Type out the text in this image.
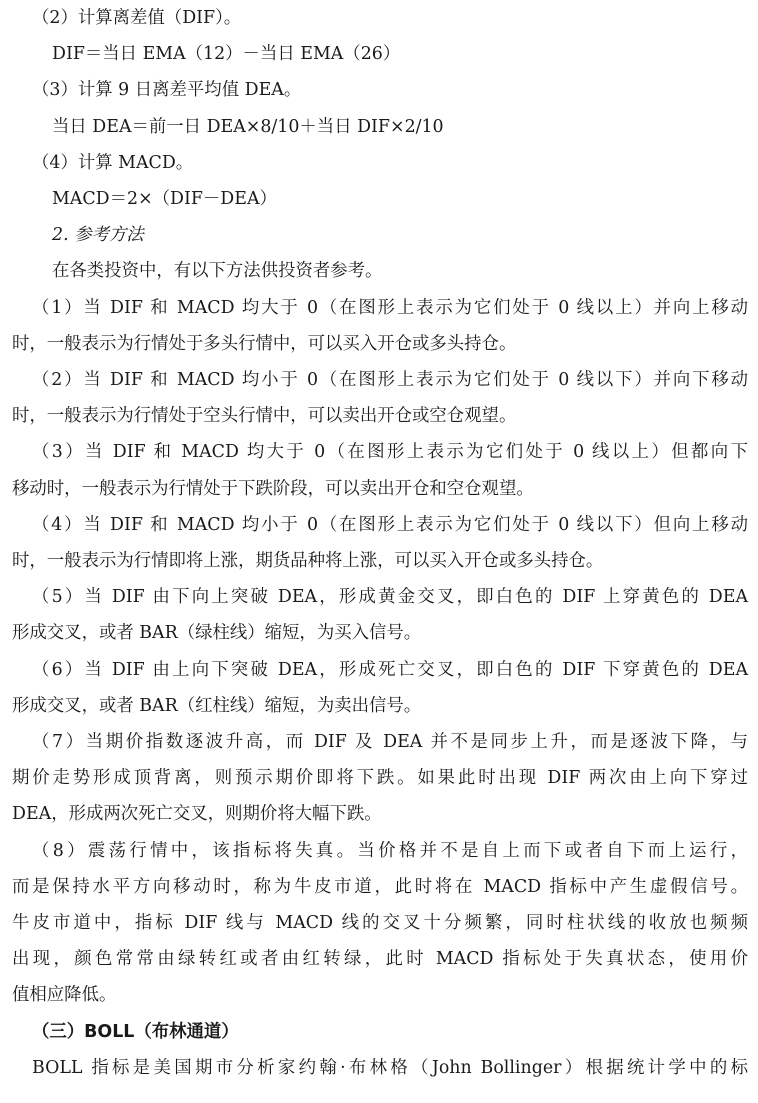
（2）计算离差值（DIF）。
DIF＝当日 EMA（12）－当日 EMA（26）
（3）计算 9 日离差平均值 DEA。
当日 DEA＝前一日 DEA×8/10＋当日 DIF×2/10
（4）计算 MACD。
MACD＝2×（DIF－DEA）
2. 参考方法
在各类投资中，有以下方法供投资者参考。
（1）当 DIF 和 MACD 均大于 0（在图形上表示为它们处于 0 线以上）并向上移动
时，一般表示为行情处于多头行情中，可以买入开仓或多头持仓。
（2）当 DIF 和 MACD 均小于 0（在图形上表示为它们处于 0 线以下）并向下移动
时，一般表示为行情处于空头行情中，可以卖出开仓或空仓观望。
（3）当 DIF 和 MACD 均大于 0（在图形上表示为它们处于 0 线以上）但都向下
移动时，一般表示为行情处于下跌阶段，可以卖出开仓和空仓观望。
（4）当 DIF 和 MACD 均小于 0（在图形上表示为它们处于 0 线以下）但向上移动
时，一般表示为行情即将上涨，期货品种将上涨，可以买入开仓或多头持仓。
（5）当 DIF 由下向上突破 DEA，形成黄金交叉，即白色的 DIF 上穿黄色的 DEA
形成交叉，或者 BAR（绿柱线）缩短，为买入信号。
（6）当 DIF 由上向下突破 DEA，形成死亡交叉，即白色的 DIF 下穿黄色的 DEA
形成交叉，或者 BAR（红柱线）缩短，为卖出信号。
（7）当期价指数逐波升高，而 DIF 及 DEA 并不是同步上升，而是逐波下降，与
期价走势形成顶背离，则预示期价即将下跌。如果此时出现 DIF 两次由上向下穿过
DEA，形成两次死亡交叉，则期价将大幅下跌。
（8）震荡行情中，该指标将失真。当价格并不是自上而下或者自下而上运行，
而是保持水平方向移动时，称为牛皮市道，此时将在 MACD 指标中产生虚假信号。
牛皮市道中，指标 DIF 线与 MACD 线的交叉十分频繁，同时柱状线的收放也频频
出现，颜色常常由绿转红或者由红转绿，此时 MACD 指标处于失真状态，使用价
值相应降低。
（三）BOLL（布林通道）
BOLL 指标是美国期市分析家约翰·布林格（John Bollinger）根据统计学中的标
